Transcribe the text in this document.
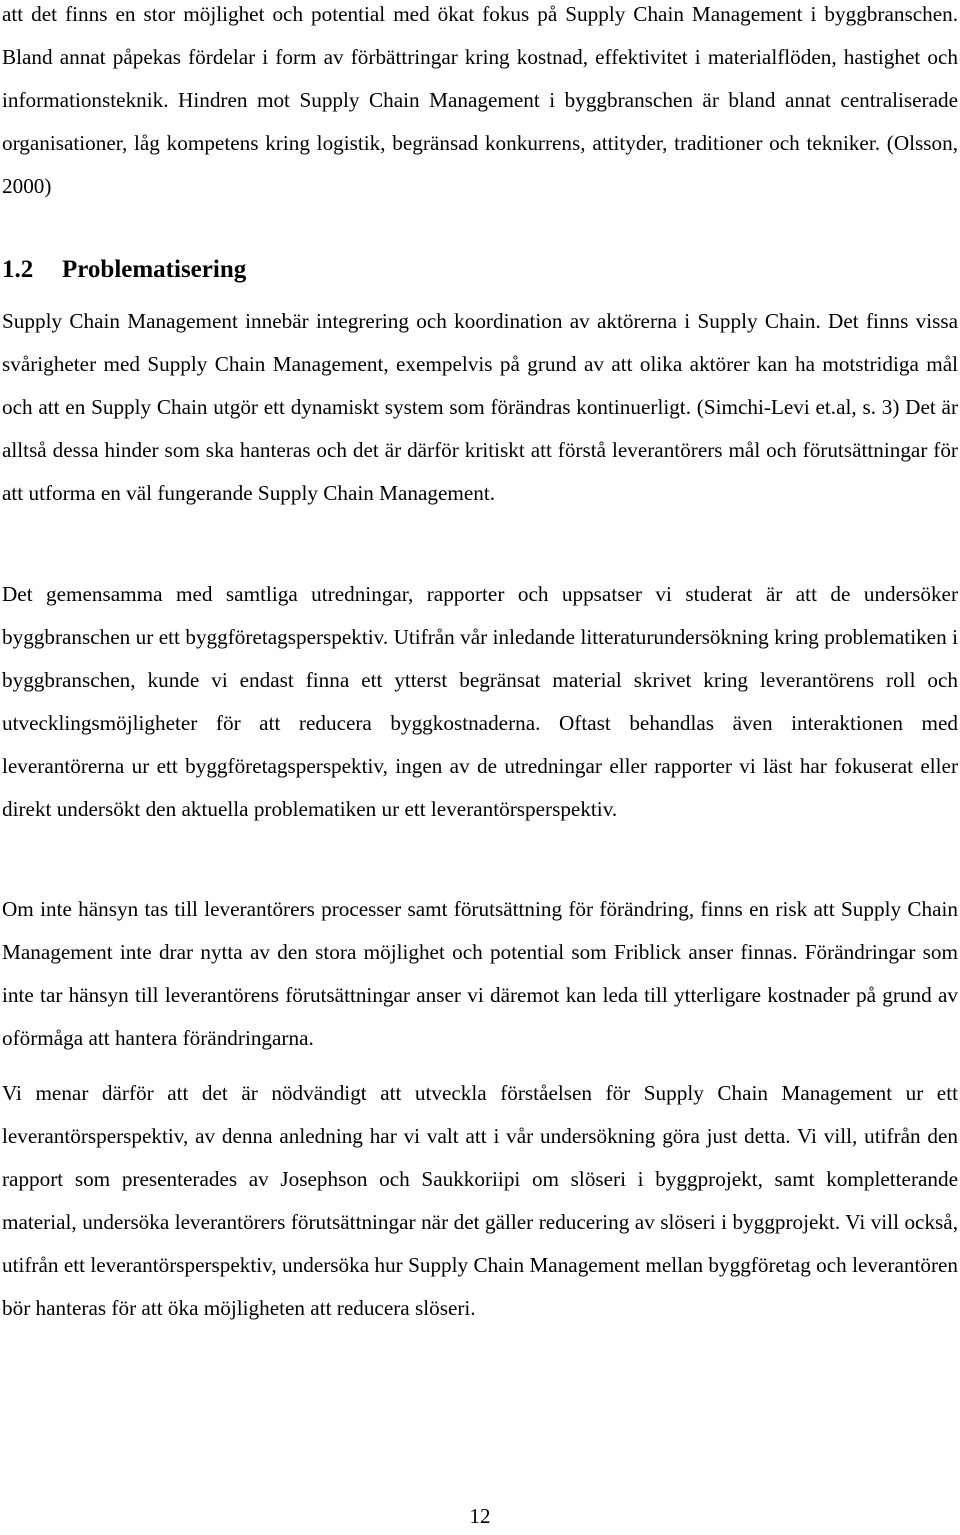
att det finns en stor möjlighet och potential med ökat fokus på Supply Chain Management i byggbranschen. Bland annat påpekas fördelar i form av förbättringar kring kostnad, effektivitet i materialflöden, hastighet och informationsteknik. Hindren mot Supply Chain Management i byggbranschen är bland annat centraliserade organisationer, låg kompetens kring logistik, begränsad konkurrens, attityder, traditioner och tekniker. (Olsson, 2000)

1.2 Problematisering

Supply Chain Management innebär integrering och koordination av aktörerna i Supply Chain. Det finns vissa svårigheter med Supply Chain Management, exempelvis på grund av att olika aktörer kan ha motstridiga mål och att en Supply Chain utgör ett dynamiskt system som förändras kontinuerligt. (Simchi-Levi et.al, s. 3) Det är alltså dessa hinder som ska hanteras och det är därför kritiskt att förstå leverantörers mål och förutsättningar för att utforma en väl fungerande Supply Chain Management.

Det gemensamma med samtliga utredningar, rapporter och uppsatser vi studerat är att de undersöker byggbranschen ur ett byggföretagsperspektiv. Utifrån vår inledande litteraturundersökning kring problematiken i byggbranschen, kunde vi endast finna ett ytterst begränsat material skrivet kring leverantörens roll och utvecklingsmöjligheter för att reducera byggkostnaderna. Oftast behandlas även interaktionen med leverantörerna ur ett byggföretagsperspektiv, ingen av de utredningar eller rapporter vi läst har fokuserat eller direkt undersökt den aktuella problematiken ur ett leverantörsperspektiv.

Om inte hänsyn tas till leverantörers processer samt förutsättning för förändring, finns en risk att Supply Chain Management inte drar nytta av den stora möjlighet och potential som Friblick anser finnas. Förändringar som inte tar hänsyn till leverantörens förutsättningar anser vi däremot kan leda till ytterligare kostnader på grund av oförmåga att hantera förändringarna.

Vi menar därför att det är nödvändigt att utveckla förståelsen för Supply Chain Management ur ett leverantörsperspektiv, av denna anledning har vi valt att i vår undersökning göra just detta. Vi vill, utifrån den rapport som presenterades av Josephson och Saukkoriipi om slöseri i byggprojekt, samt kompletterande material, undersöka leverantörers förutsättningar när det gäller reducering av slöseri i byggprojekt. Vi vill också, utifrån ett leverantörsperspektiv, undersöka hur Supply Chain Management mellan byggföretag och leverantören bör hanteras för att öka möjligheten att reducera slöseri.

12
